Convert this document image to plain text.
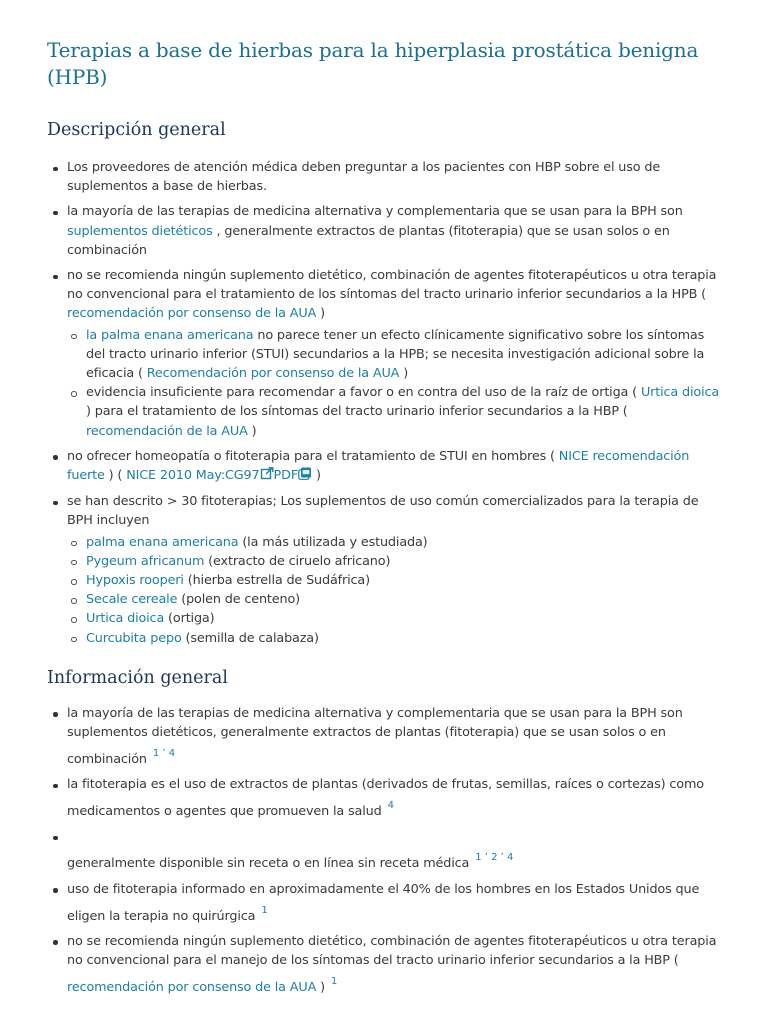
Terapias a base de hierbas para la hiperplasia prostática benigna (HPB)
Descripción general
Los proveedores de atención médica deben preguntar a los pacientes con HBP sobre el uso de suplementos a base de hierbas.
la mayoría de las terapias de medicina alternativa y complementaria que se usan para la BPH son suplementos dietéticos , generalmente extractos de plantas (fitoterapia) que se usan solos o en combinación
no se recomienda ningún suplemento dietético, combinación de agentes fitoterapéuticos u otra terapia no convencional para el tratamiento de los síntomas del tracto urinario inferior secundarios a la HPB ( recomendación por consenso de la AUA )
la palma enana americana no parece tener un efecto clínicamente significativo sobre los síntomas del tracto urinario inferior (STUI) secundarios a la HPB; se necesita investigación adicional sobre la eficacia ( Recomendación por consenso de la AUA )
evidencia insuficiente para recomendar a favor o en contra del uso de la raíz de ortiga ( Urtica dioica ) para el tratamiento de los síntomas del tracto urinario inferior secundarios a la HBP ( recomendación de la AUA )
no ofrecer homeopatía o fitoterapia para el tratamiento de STUI en hombres ( NICE recomendación fuerte ) ( NICE 2010 May:CG97 PDF )
se han descrito > 30 fitoterapias; Los suplementos de uso común comercializados para la terapia de BPH incluyen
palma enana americana (la más utilizada y estudiada)
Pygeum africanum (extracto de ciruelo africano)
Hypoxis rooperi (hierba estrella de Sudáfrica)
Secale cereale (polen de centeno)
Urtica dioica (ortiga)
Curcubita pepo (semilla de calabaza)
Información general
la mayoría de las terapias de medicina alternativa y complementaria que se usan para la BPH son suplementos dietéticos, generalmente extractos de plantas (fitoterapia) que se usan solos o en combinación $^{1 ʼ 4}$
la fitoterapia es el uso de extractos de plantas (derivados de frutas, semillas, raíces o cortezas) como medicamentos o agentes que promueven la salud $^4$

generalmente disponible sin receta o en línea sin receta médica $^{1 ʼ 2 ʼ 4}$
uso de fitoterapia informado en aproximadamente el 40% de los hombres en los Estados Unidos que eligen la terapia no quirúrgica $^1$
no se recomienda ningún suplemento dietético, combinación de agentes fitoterapéuticos u otra terapia no convencional para el manejo de los síntomas del tracto urinario inferior secundarios a la HBP ( recomendación por consenso de la AUA ) $^1$
